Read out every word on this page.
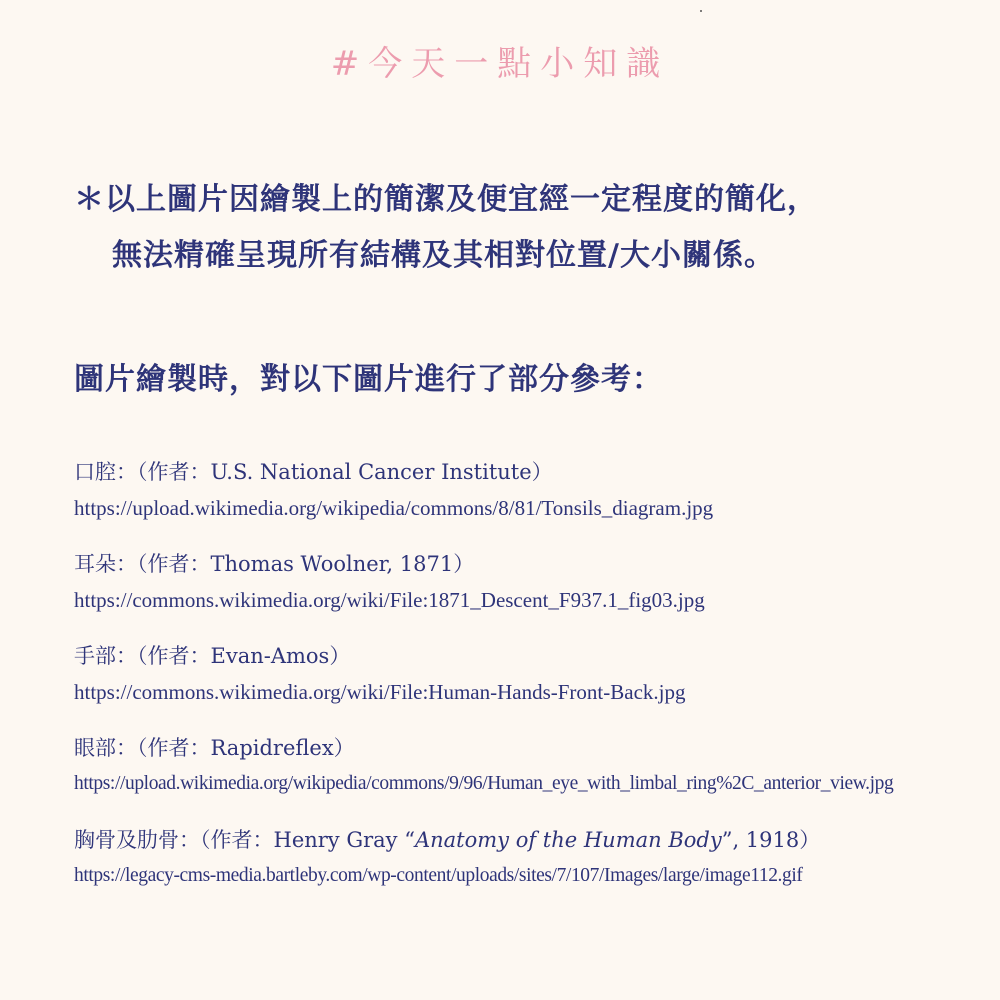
#今天一點小知識
＊以上圖片因繪製上的簡潔及便宜經一定程度的簡化，
無法精確呈現所有結構及其相對位置/大小關係。
圖片繪製時，對以下圖片進行了部分參考：
口腔：（作者：U.S. National Cancer Institute）
https://upload.wikimedia.org/wikipedia/commons/8/81/Tonsils_diagram.jpg
耳朵：（作者：Thomas Woolner, 1871）
https://commons.wikimedia.org/wiki/File:1871_Descent_F937.1_fig03.jpg
手部：（作者：Evan-Amos）
https://commons.wikimedia.org/wiki/File:Human-Hands-Front-Back.jpg
眼部：（作者：Rapidreflex）
https://upload.wikimedia.org/wikipedia/commons/9/96/Human_eye_with_limbal_ring%2C_anterior_view.jpg
胸骨及肋骨：（作者：Henry Gray “Anatomy of the Human Body”, 1918）
https://legacy-cms-media.bartleby.com/wp-content/uploads/sites/7/107/Images/large/image112.gif
